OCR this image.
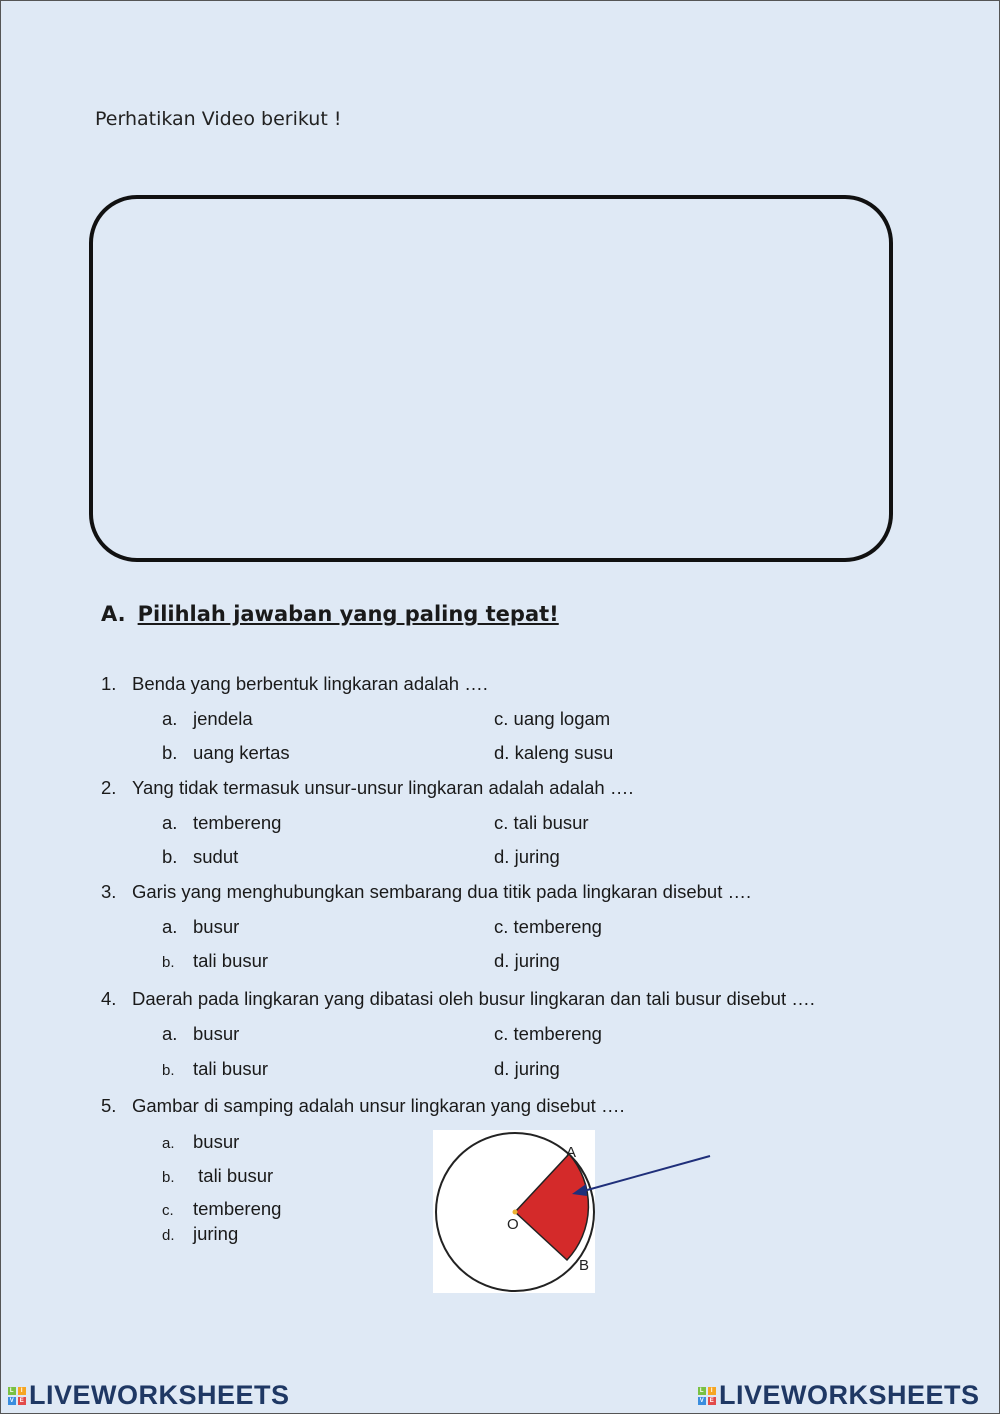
Perhatikan Video berikut !
A. Pilihlah jawaban yang paling tepat!
1. Benda yang berbentuk lingkaran adalah ….
a. jendela
b. uang kertas
c. uang logam
d. kaleng susu
2. Yang tidak termasuk unsur-unsur lingkaran adalah adalah ….
a. tembereng
b. sudut
c. tali busur
d. juring
3. Garis yang menghubungkan sembarang dua titik pada lingkaran disebut ….
a. busur
b. tali busur
c. tembereng
d. juring
4. Daerah pada lingkaran yang dibatasi oleh busur lingkaran dan tali busur disebut ….
a. busur
b. tali busur
c. tembereng
d. juring
5. Gambar di samping adalah unsur lingkaran yang disebut ….
a. busur
b. tali busur
c. tembereng
d. juring
A
O
B
L	I
V E LIVEWORKSHEETS	L	I
V E LIVEWORKSHEETS
